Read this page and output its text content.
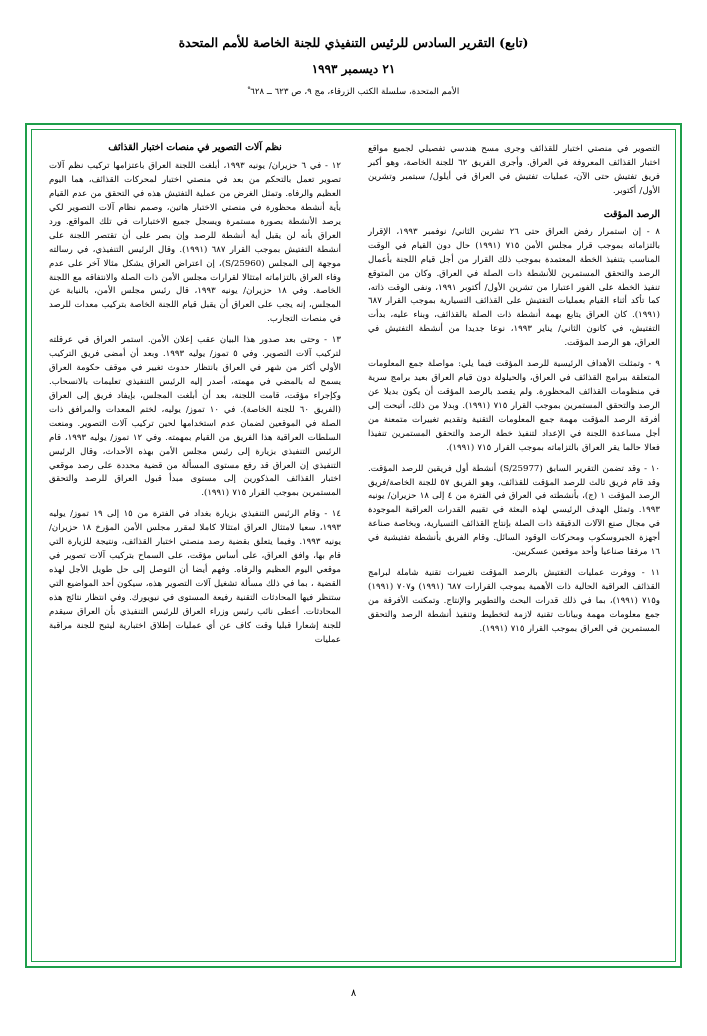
(تابع) التقرير السادس للرئيس التنفيذي للجنة الخاصة للأمم المتحدة
٢١ ديسمبر ١٩٩٣
الأمم المتحدة، سلسلة الكتب الزرقاء، مج ٩، ص ٦٢٣ ــ ٦٢٨ ْ

التصوير في منصتي اختبار للقذائف وجرى مسح هندسي تفصيلي لجميع مواقع اختبار القذائف المعروفة في العراق. وأجرى الفريق ٦٢ للجنة الخاصة، وهو أكبر فريق تفتيش حتى الآن، عمليات تفتيش في العراق في أيلول/ سبتمبر وتشرين الأول/ أكتوبر.

الرصد المؤقت

٨ - إن استمرار رفض العراق حتى ٢٦ تشرين الثاني/ نوفمبر ١٩٩٣، الإقرار بالتزاماته بموجب قرار مجلس الأمن ٧١٥ (١٩٩١) حال دون القيام في الوقت المناسب بتنفيذ الخطة المعتمدة بموجب ذلك القرار من أجل قيام اللجنة بأعمال الرصد والتحقق المستمرين للأنشطة ذات الصلة في العراق. وكان من المتوقع تنفيذ الخطة على الفور اعتبارا من تشرين الأول/ أكتوبر ١٩٩١، ونفى الوقت ذاته، كما تأكد أثناء القيام بعمليات التفتيش على القذائف التسيارية بموجب القرار ٦٨٧ (١٩٩١). كان العراق يتابع بهمة أنشطة ذات الصلة بالقذائف، وبناء عليه، بدأت التفتيش، في كانون الثاني/ يناير ١٩٩٣، نوعا جديدا من أنشطة التفتيش في العراق، هو الرصد المؤقت.

٩ - وتمثلت الأهداف الرئيسية للرصد المؤقت فيما يلي: مواصلة جمع المعلومات المتعلقة ببرامج القذائف في العراق، والحيلولة دون قيام العراق بعيد برامج سرية في منظومات القذائف المحظورة. ولم يقصد بالرصد المؤقت أن يكون بديلا عن الرصد والتحقق المستمرين بموجب القرار ٧١٥ (١٩٩١). وبدلا من ذلك، أتيحت إلى أفرقة الرصد المؤقت مهمة جمع المعلومات التقنية وتقديم تغييرات متمعنة من أجل مساعدة اللجنة في الإعداد لتنفيذ خطة الرصد والتحقق المستمرين تنفيذا فعالا حالما يقر العراق بالتزاماته بموجب القرار ٧١٥ (١٩٩١).

١٠ - وقد تضمن التقرير السابق (S/25977) أنشطة أول فريقين للرصد المؤقت. وقد قام فريق ثالث للرصد المؤقت للقذائف، وهو الفريق ٥٧ للجنة الخاصة/فريق الرصد المؤقت ١ (ج)، بأنشطته في العراق في الفترة من ٤ إلى ١٨ حزيران/ يونيه ١٩٩٣. وتمثل الهدف الرئيسي لهذه البعثة في تقييم القدرات العراقية الموجودة في مجال صنع الآلات الدقيقة ذات الصلة بإنتاج القذائف التسيارية، وبخاصة صناعة أجهزة الجيروسكوب ومحركات الوقود السائل. وقام الفريق بأنشطة تفتيشية في ١٦ مرفقا صناعيا وأحد موقعين عسكريين.

١١ - ووفرت عمليات التفتيش بالرصد المؤقت تغييرات تقنية شاملة لبرامج القذائف العراقية الحالية ذات الأهمية بموجب القرارات ٦٨٧ (١٩٩١) و٧٠٧ (١٩٩١) و٧١٥ (١٩٩١)، بما في ذلك قدرات البحث والتطوير والإنتاج. وتمكنت الأفرقة من جمع معلومات مهمة وبيانات تقنية لازمة لتخطيط وتنفيذ أنشطة الرصد والتحقق المستمرين في العراق بموجب القرار ٧١٥ (١٩٩١).

نظم آلات التصوير في منصات اختبار القذائف

١٢ - في ٦ حزيران/ يونيه ١٩٩٣، أبلغت اللجنة العراق باعتزامها تركيب نظم آلات تصوير تعمل بالتحكم من بعد في منصتي اختبار لمحركات القذائف، هما اليوم العظيم والرفاه. وتمثل الغرض من عملية التفتيش هذه في التحقق من عدم القيام بأية أنشطة محظورة في منصتي الاختبار هاتين، وصمم نظام آلات التصوير لكي يرصد الأنشطة بصورة مستمرة ويسجل جميع الاختبارات في تلك المواقع. ورد العراق بأنه لن يقبل أية أنشطة للرصد وإن بصر على أن تقتصر اللجنة على أنشطة التفتيش بموجب القرار ٦٨٧ (١٩٩١). وقال الرئيس التنفيذي، في رسالته موجهة إلى المجلس (S/25960)، إن اعتراض العراق يشكل مثالا آخر على عدم وفاء العراق بالتزاماته امتثالا لقرارات مجلس الأمن ذات الصلة والانتفاقه مع اللجنة الخاصة. وفي ١٨ حزيران/ يونيه ١٩٩٣، قال رئيس مجلس الأمن، بالنيابة عن المجلس، إنه يجب على العراق أن يقبل قيام اللجنة الخاصة بتركيب معدات للرصد في منصات التجارب.

١٣ - وحتى بعد صدور هذا البيان عقب إعلان الأمن. استمر العراق في عرقلته لتركيب آلات التصوير. وفي ٥ تموز/ يوليه ١٩٩٣. وبعد أن أمضى فريق التركيب الأولي أكثر من شهر في العراق بانتظار حدوث تغيير في موقف حكومة العراق يسمح له بالمضي في مهمته، أصدر إليه الرئيس التنفيذي تعليمات بالانسحاب. وكإجراء مؤقت، قامت اللجنة، بعد أن أبلغت المجلس، بإيفاد فريق إلى العراق (الفريق ٦٠ للجنة الخاصة). في ١٠ تموز/ يوليه، لختم المعدات والمرافق ذات الصلة في الموقعين لضمان عدم استخدامها لحين تركيب آلات التصوير. ومنعت السلطات العراقية هذا الفريق من القيام بمهمته. وفي ١٢ تموز/ يوليه ١٩٩٣، قام الرئيس التنفيذي بزيارة إلى رئيس مجلس الأمن بهذه الأحداث، وقال الرئيس التنفيذي إن العراق قد رفع مستوى المسألة من قضية محددة على رصد موقعي اختبار القذائف المذكورين إلى مستوى مبدأ قبول العراق للرصد والتحقق المستمرين بموجب القرار ٧١٥ (١٩٩١).

١٤ - وقام الرئيس التنفيذي بزيارة بغداد في الفترة من ١٥ إلى ١٩ تموز/ يوليه ١٩٩٣، سعيا لامتثال العراق امتثالا كاملا لمقرر مجلس الأمن المؤرخ ١٨ حزيران/ يونيه ١٩٩٣. وفيما يتعلق بقضية رصد منصتي اختبار القذائف، ونتيجة للزيارة التي قام بها، وافق العراق، على أساس مؤقت، على السماح بتركيب آلات تصوير في موقعي اليوم العظيم والرفاه. وفهم أيضا أن التوصل إلى حل طويل الأجل لهذه القضية ، بما في ذلك مسألة تشغيل آلات التصوير هذه، سيكون أحد المواضيع التي ستنظر فيها المحادثات التقنية رفيعة المستوى في نيويورك. وفي انتظار نتائج هذه المحادثات. أعطى نائب رئيس وزراء العراق للرئيس التنفيذي بأن العراق سيقدم للجنة إشعارا قبليا وقت كاف عن أي عمليات إطلاق اختبارية ليتبح للجنة مراقبة عمليات

٨
